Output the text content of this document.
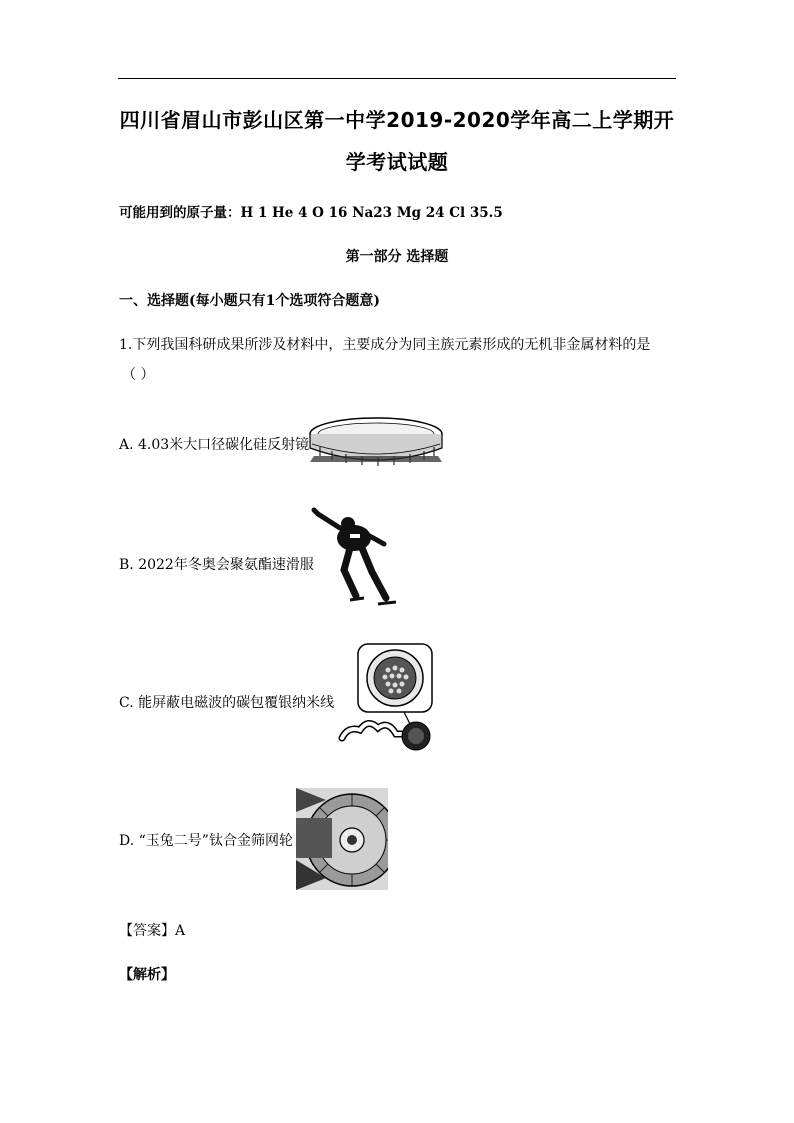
四川省眉山市彭山区第一中学2019-2020学年高二上学期开
学考试试题
可能用到的原子量：H 1 He 4 O 16 Na23 Mg 24 Cl 35.5
第一部分 选择题
一、选择题(每小题只有1个选项符合题意)
1.下列我国科研成果所涉及材料中，主要成分为同主族元素形成的无机非金属材料的是
（ ）
A. 4.03米大口径碳化硅反射镜
B. 2022年冬奥会聚氨酯速滑服
C. 能屏蔽电磁波的碳包覆银纳米线
D. “玉兔二号”钛合金筛网轮
【答案】A
【解析】
